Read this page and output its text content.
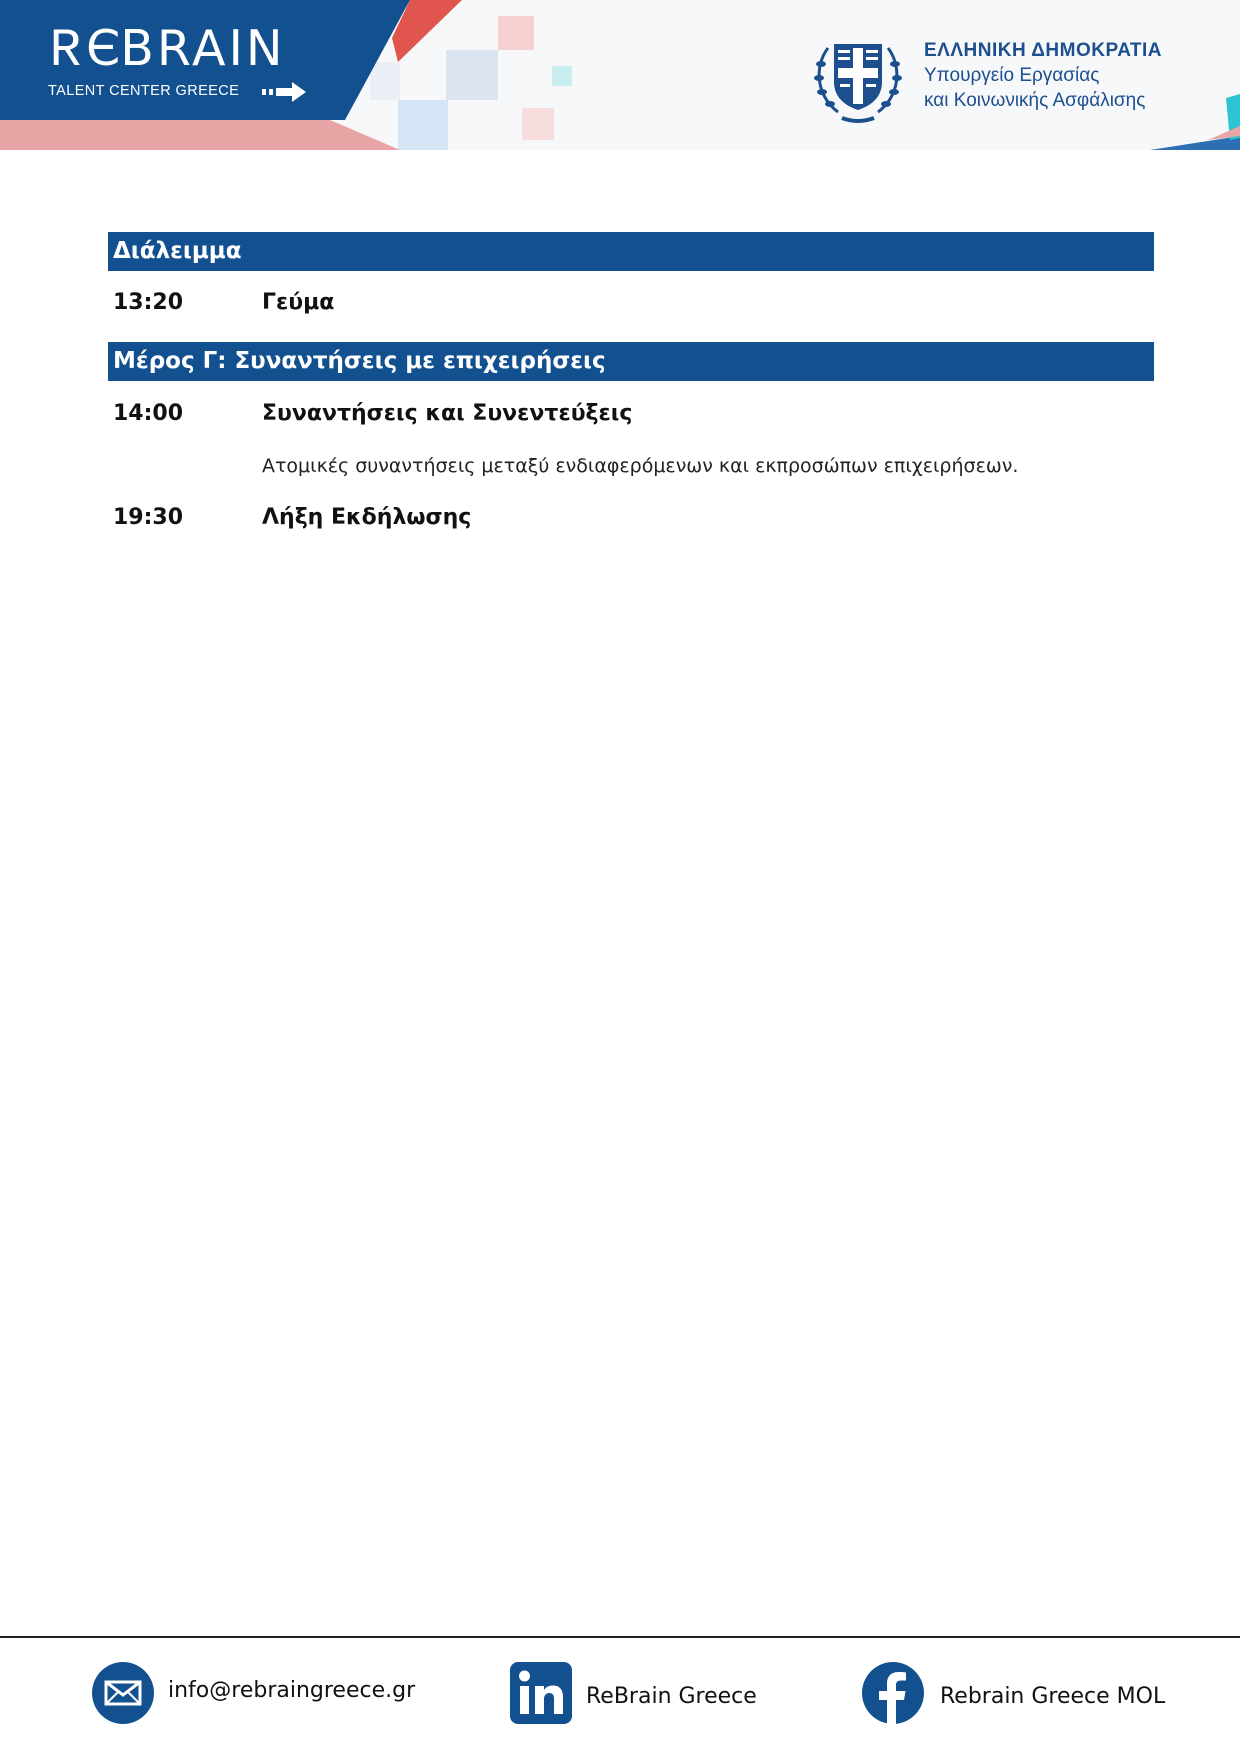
ЭЯBRAIN
TALENT CENTER GREECE
ΕΛΛΗΝΙΚΗ ΔΗΜΟΚΡΑΤΙΑ
Υπουργείο Εργασίας
και Κοινωνικής Ασφάλισης
Διάλειμμα
13:20	Γεύμα
Μέρος Γ: Συναντήσεις με επιχειρήσεις
14:00	Συναντήσεις και Συνεντεύξεις
Ατομικές συναντήσεις μεταξύ ενδιαφερόμενων και εκπροσώπων επιχειρήσεων.
19:30	Λήξη Εκδήλωσης
info@rebraingreece.gr	ReBrain Greece	Rebrain Greece MOL
